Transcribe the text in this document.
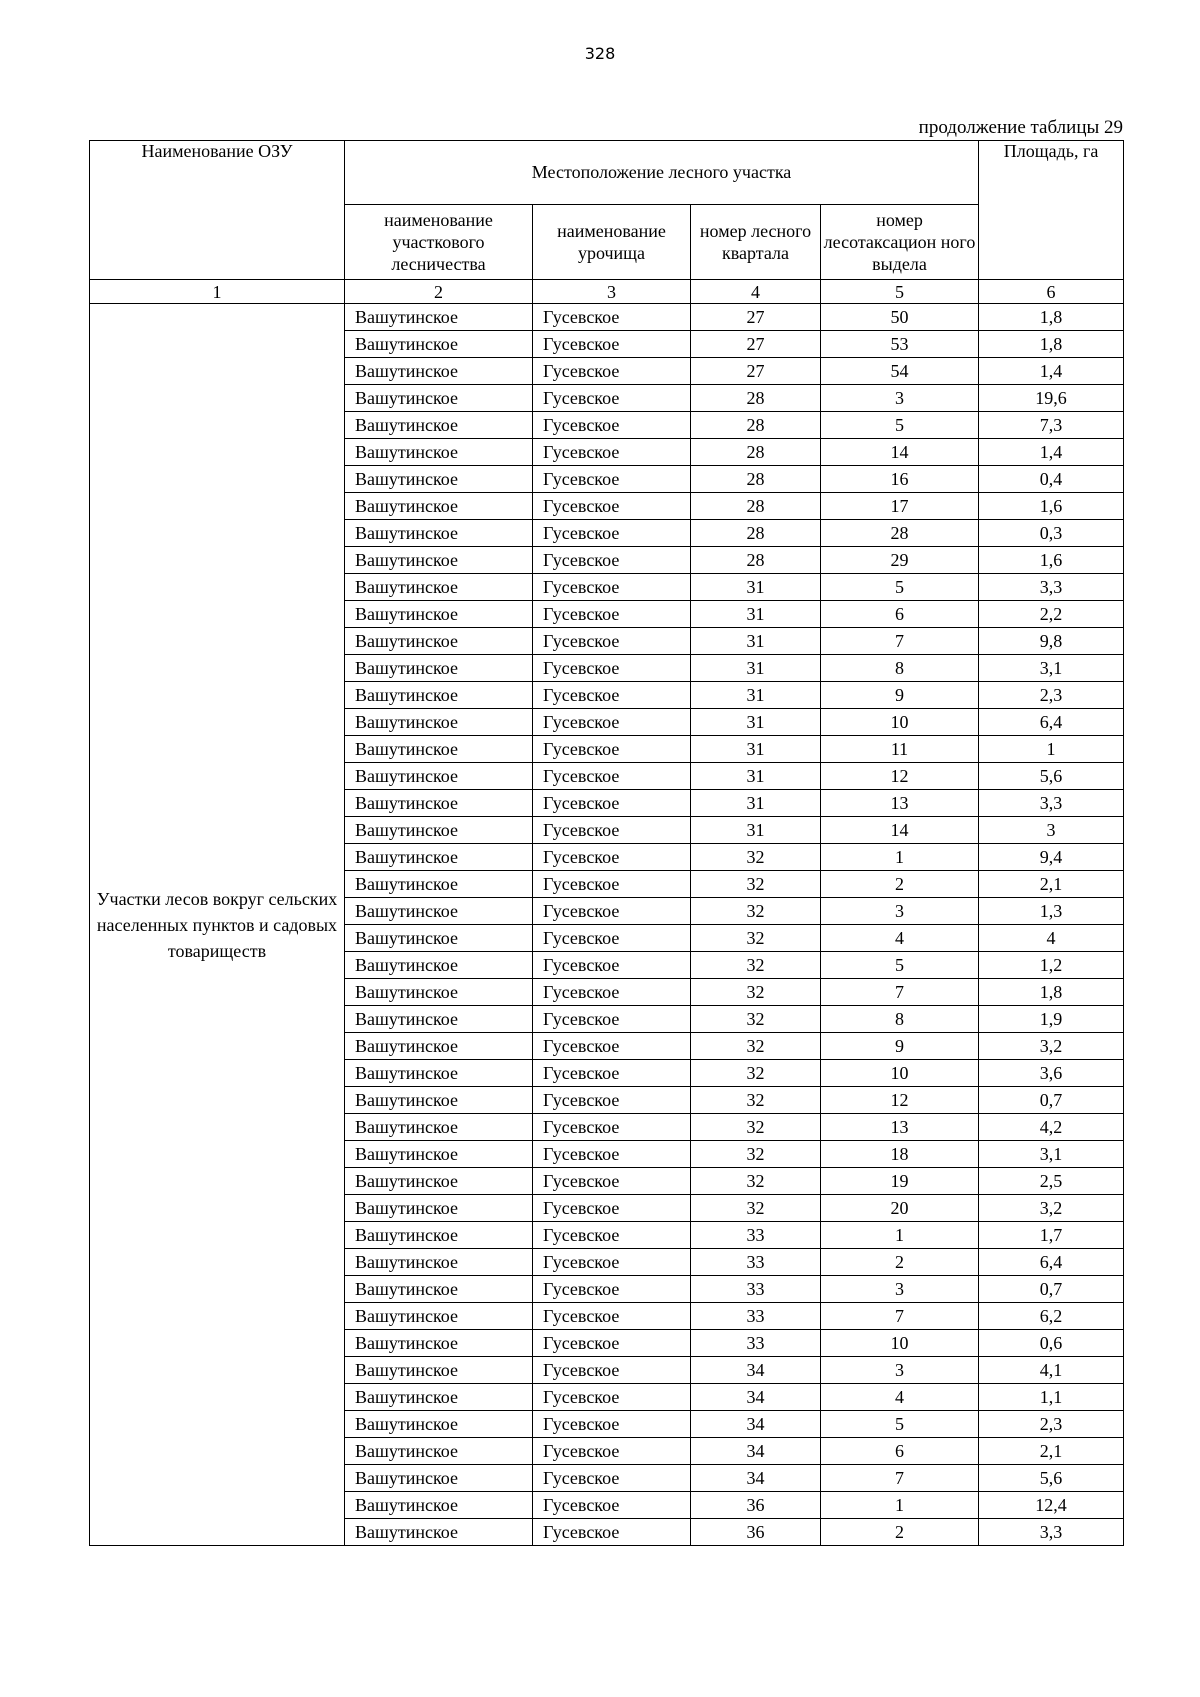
328
продолжение таблицы 29
Наименование ОЗУ	Местоположение лесного участка				Площадь, га
	наименование участкового лесничества	наименование урочища	номер лесного квартала	номер лесотаксацион ного выдела	
1	2	3	4	5	6
Участки лесов вокруг сельских населенных пунктов и садовых товариществ	Вашутинское	Гусевское	27	50	1,8
	Вашутинское	Гусевское	27	53	1,8
	Вашутинское	Гусевское	27	54	1,4
	Вашутинское	Гусевское	28	3	19,6
	Вашутинское	Гусевское	28	5	7,3
	Вашутинское	Гусевское	28	14	1,4
	Вашутинское	Гусевское	28	16	0,4
	Вашутинское	Гусевское	28	17	1,6
	Вашутинское	Гусевское	28	28	0,3
	Вашутинское	Гусевское	28	29	1,6
	Вашутинское	Гусевское	31	5	3,3
	Вашутинское	Гусевское	31	6	2,2
	Вашутинское	Гусевское	31	7	9,8
	Вашутинское	Гусевское	31	8	3,1
	Вашутинское	Гусевское	31	9	2,3
	Вашутинское	Гусевское	31	10	6,4
	Вашутинское	Гусевское	31	11	1
	Вашутинское	Гусевское	31	12	5,6
	Вашутинское	Гусевское	31	13	3,3
	Вашутинское	Гусевское	31	14	3
	Вашутинское	Гусевское	32	1	9,4
	Вашутинское	Гусевское	32	2	2,1
	Вашутинское	Гусевское	32	3	1,3
	Вашутинское	Гусевское	32	4	4
	Вашутинское	Гусевское	32	5	1,2
	Вашутинское	Гусевское	32	7	1,8
	Вашутинское	Гусевское	32	8	1,9
	Вашутинское	Гусевское	32	9	3,2
	Вашутинское	Гусевское	32	10	3,6
	Вашутинское	Гусевское	32	12	0,7
	Вашутинское	Гусевское	32	13	4,2
	Вашутинское	Гусевское	32	18	3,1
	Вашутинское	Гусевское	32	19	2,5
	Вашутинское	Гусевское	32	20	3,2
	Вашутинское	Гусевское	33	1	1,7
	Вашутинское	Гусевское	33	2	6,4
	Вашутинское	Гусевское	33	3	0,7
	Вашутинское	Гусевское	33	7	6,2
	Вашутинское	Гусевское	33	10	0,6
	Вашутинское	Гусевское	34	3	4,1
	Вашутинское	Гусевское	34	4	1,1
	Вашутинское	Гусевское	34	5	2,3
	Вашутинское	Гусевское	34	6	2,1
	Вашутинское	Гусевское	34	7	5,6
	Вашутинское	Гусевское	36	1	12,4
	Вашутинское	Гусевское	36	2	3,3
